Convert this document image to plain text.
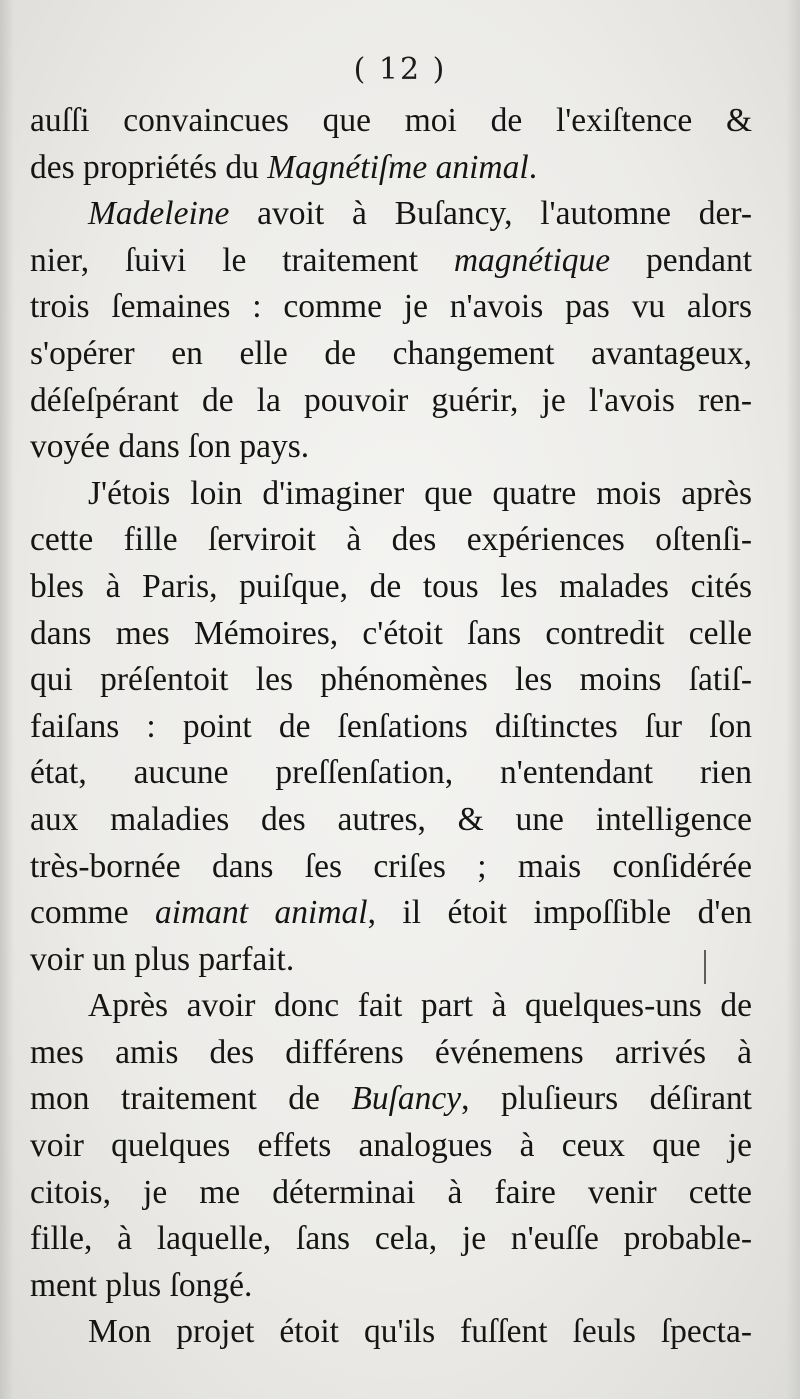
( 12 )
auſſi convaincues que moi de l'exiſtence &
des propriétés du Magnétiſme animal.
Madeleine avoit à Buſancy, l'automne der-
nier, ſuivi le traitement magnétique pendant
trois ſemaines : comme je n'avois pas vu alors
s'opérer en elle de changement avantageux,
déſeſpérant de la pouvoir guérir, je l'avois ren-
voyée dans ſon pays.
J'étois loin d'imaginer que quatre mois après
cette fille ſerviroit à des expériences oſtenſi-
bles à Paris, puiſque, de tous les malades cités
dans mes Mémoires, c'étoit ſans contredit celle
qui préſentoit les phénomènes les moins ſatiſ-
faiſans : point de ſenſations diſtinctes ſur ſon
état, aucune preſſenſation, n'entendant rien
aux maladies des autres, & une intelligence
très-bornée dans ſes criſes ; mais conſidérée
comme aimant animal, il étoit impoſſible d'en
voir un plus parfait.
Après avoir donc fait part à quelques-uns de
mes amis des différens événemens arrivés à
mon traitement de Buſancy, pluſieurs déſirant
voir quelques effets analogues à ceux que je
citois, je me déterminai à faire venir cette
fille, à laquelle, ſans cela, je n'euſſe probable-
ment plus ſongé.
Mon projet étoit qu'ils fuſſent ſeuls ſpecta-
